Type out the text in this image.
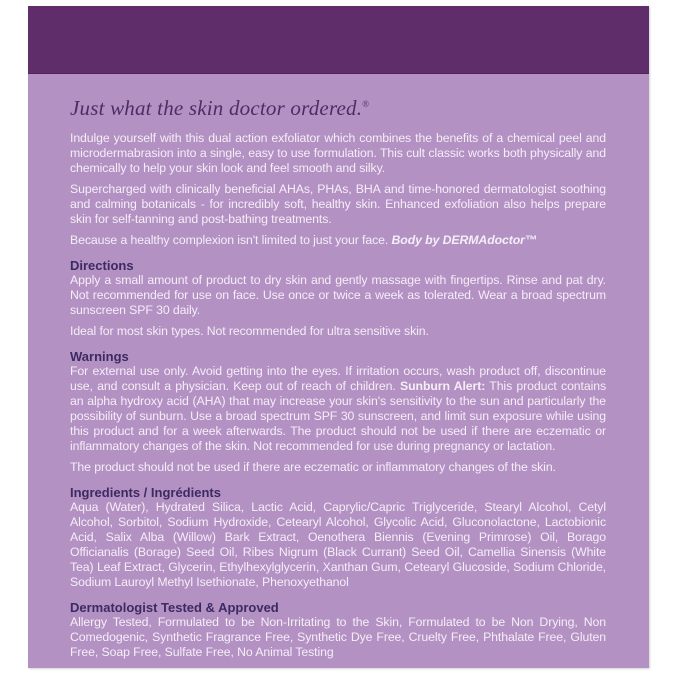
Just what the skin doctor ordered.®

Indulge yourself with this dual action exfoliator which combines the benefits of a chemical peel and microdermabrasion into a single, easy to use formulation. This cult classic works both physically and chemically to help your skin look and feel smooth and silky.

Supercharged with clinically beneficial AHAs, PHAs, BHA and time-honored dermatologist soothing and calming botanicals - for incredibly soft, healthy skin. Enhanced exfoliation also helps prepare skin for self-tanning and post-bathing treatments.

Because a healthy complexion isn't limited to just your face. Body by DERMAdoctor™

Directions

Apply a small amount of product to dry skin and gently massage with fingertips. Rinse and pat dry. Not recommended for use on face. Use once or twice a week as tolerated. Wear a broad spectrum sunscreen SPF 30 daily.

Ideal for most skin types. Not recommended for ultra sensitive skin.

Warnings

For external use only. Avoid getting into the eyes. If irritation occurs, wash product off, discontinue use, and consult a physician. Keep out of reach of children. Sunburn Alert: This product contains an alpha hydroxy acid (AHA) that may increase your skin's sensitivity to the sun and particularly the possibility of sunburn. Use a broad spectrum SPF 30 sunscreen, and limit sun exposure while using this product and for a week afterwards. The product should not be used if there are eczematic or inflammatory changes of the skin. Not recommended for use during pregnancy or lactation.

The product should not be used if there are eczematic or inflammatory changes of the skin.

Ingredients / Ingrédients

Aqua (Water), Hydrated Silica, Lactic Acid, Caprylic/Capric Triglyceride, Stearyl Alcohol, Cetyl Alcohol, Sorbitol, Sodium Hydroxide, Cetearyl Alcohol, Glycolic Acid, Gluconolactone, Lactobionic Acid, Salix Alba (Willow) Bark Extract, Oenothera Biennis (Evening Primrose) Oil, Borago Officianalis (Borage) Seed Oil, Ribes Nigrum (Black Currant) Seed Oil, Camellia Sinensis (White Tea) Leaf Extract, Glycerin, Ethylhexylglycerin, Xanthan Gum, Cetearyl Glucoside, Sodium Chloride, Sodium Lauroyl Methyl Isethionate, Phenoxyethanol

Dermatologist Tested & Approved

Allergy Tested, Formulated to be Non-Irritating to the Skin, Formulated to be Non Drying, Non Comedogenic, Synthetic Fragrance Free, Synthetic Dye Free, Cruelty Free, Phthalate Free, Gluten Free, Soap Free, Sulfate Free, No Animal Testing
